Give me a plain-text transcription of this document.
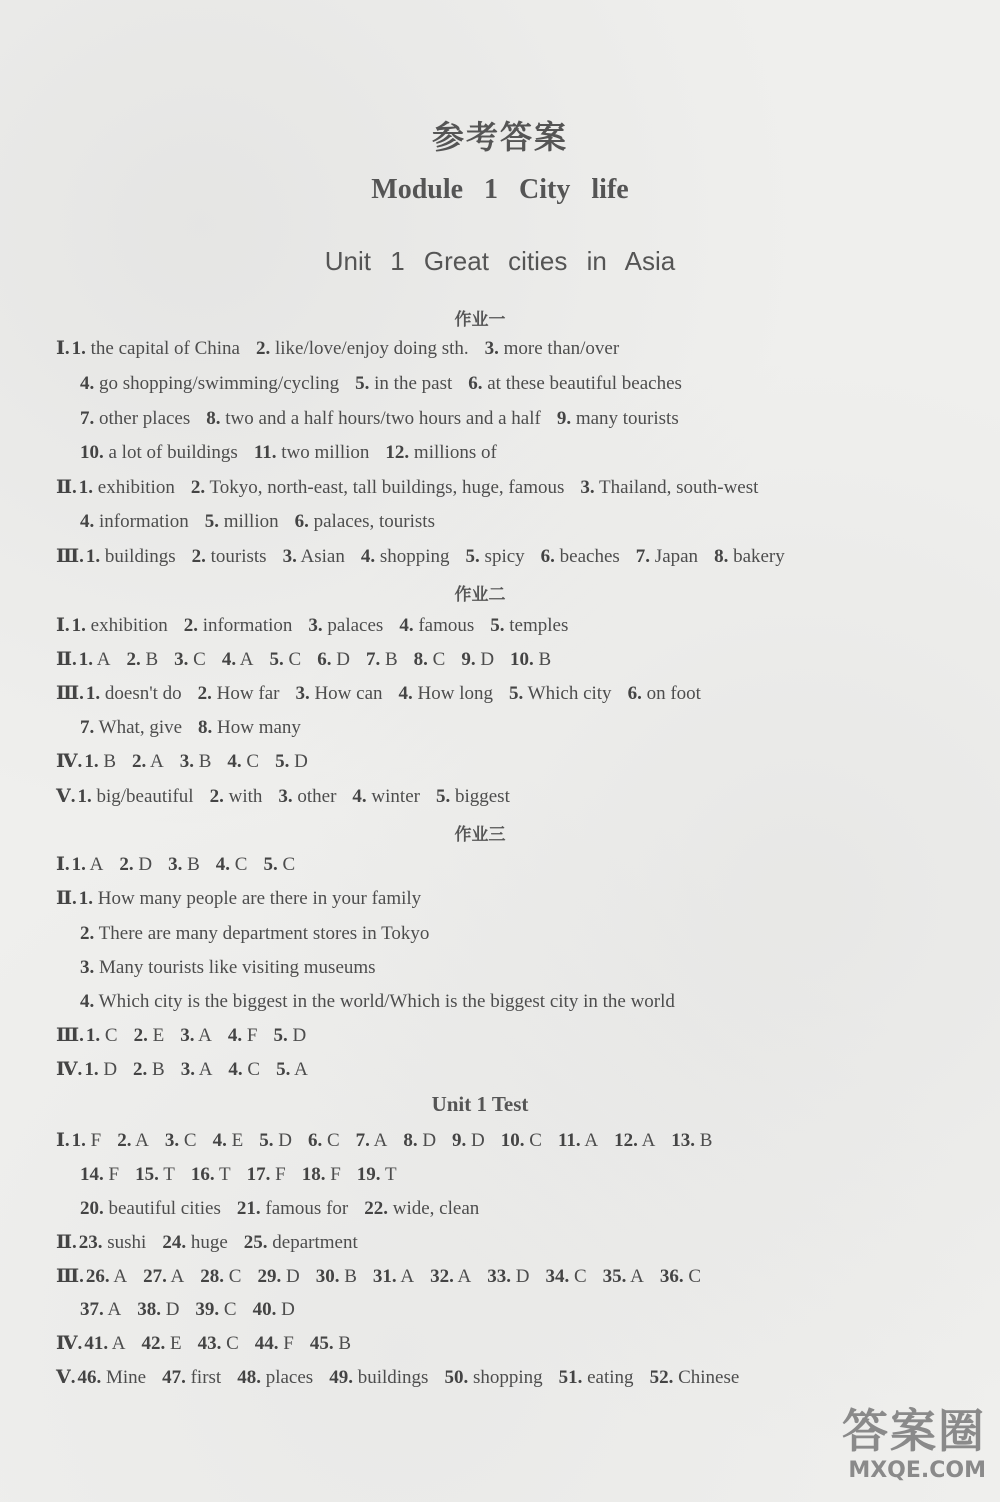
参考答案
Module 1 City life
Unit 1 Great cities in Asia
作业一
作业二
作业三
Unit 1 Test
Ⅰ. 1. the capital of China 2. like/love/enjoy doing sth. 3. more than/over
4. go shopping/swimming/cycling 5. in the past 6. at these beautiful beaches
7. other places 8. two and a half hours/two hours and a half 9. many tourists
10. a lot of buildings 11. two million 12. millions of
Ⅱ. 1. exhibition 2. Tokyo, north-east, tall buildings, huge, famous 3. Thailand, south-west
4. information 5. million 6. palaces, tourists
Ⅲ. 1. buildings 2. tourists 3. Asian 4. shopping 5. spicy 6. beaches 7. Japan 8. bakery
Ⅰ. 1. exhibition 2. information 3. palaces 4. famous 5. temples
Ⅱ. 1. A 2. B 3. C 4. A 5. C 6. D 7. B 8. C 9. D 10. B
Ⅲ. 1. doesn't do 2. How far 3. How can 4. How long 5. Which city 6. on foot
7. What, give 8. How many
Ⅳ. 1. B 2. A 3. B 4. C 5. D
Ⅴ. 1. big/beautiful 2. with 3. other 4. winter 5. biggest
Ⅰ. 1. A 2. D 3. B 4. C 5. C
Ⅱ. 1. How many people are there in your family
2. There are many department stores in Tokyo
3. Many tourists like visiting museums
4. Which city is the biggest in the world/Which is the biggest city in the world
Ⅲ. 1. C 2. E 3. A 4. F 5. D
Ⅳ. 1. D 2. B 3. A 4. C 5. A
Ⅰ. 1. F 2. A 3. C 4. E 5. D 6. C 7. A 8. D 9. D 10. C 11. A 12. A 13. B
14. F 15. T 16. T 17. F 18. F 19. T
20. beautiful cities 21. famous for 22. wide, clean
Ⅱ. 23. sushi 24. huge 25. department
Ⅲ. 26. A 27. A 28. C 29. D 30. B 31. A 32. A 33. D 34. C 35. A 36. C
37. A 38. D 39. C 40. D
Ⅳ. 41. A 42. E 43. C 44. F 45. B
Ⅴ. 46. Mine 47. first 48. places 49. buildings 50. shopping 51. eating 52. Chinese
答案圈
MXQE.COM
